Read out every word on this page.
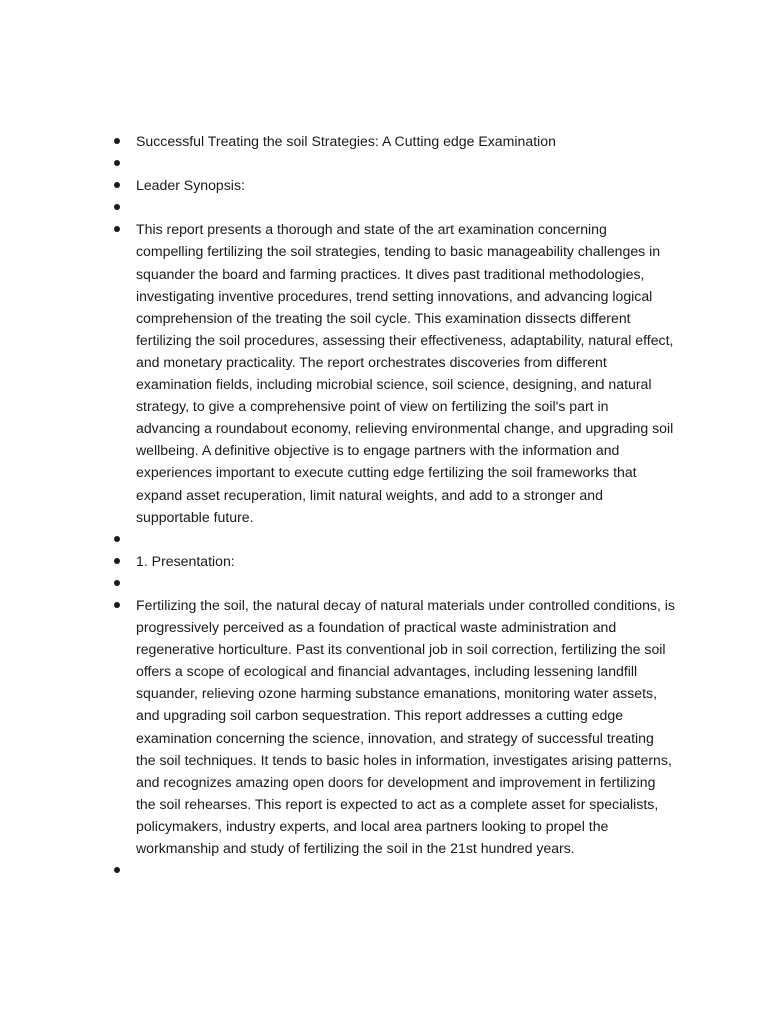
Successful Treating the soil Strategies: A Cutting edge Examination
Leader Synopsis:
This report presents a thorough and state of the art examination concerning compelling fertilizing the soil strategies, tending to basic manageability challenges in squander the board and farming practices. It dives past traditional methodologies, investigating inventive procedures, trend setting innovations, and advancing logical comprehension of the treating the soil cycle. This examination dissects different fertilizing the soil procedures, assessing their effectiveness, adaptability, natural effect, and monetary practicality. The report orchestrates discoveries from different examination fields, including microbial science, soil science, designing, and natural strategy, to give a comprehensive point of view on fertilizing the soil's part in advancing a roundabout economy, relieving environmental change, and upgrading soil wellbeing. A definitive objective is to engage partners with the information and experiences important to execute cutting edge fertilizing the soil frameworks that expand asset recuperation, limit natural weights, and add to a stronger and supportable future.
1. Presentation:
Fertilizing the soil, the natural decay of natural materials under controlled conditions, is progressively perceived as a foundation of practical waste administration and regenerative horticulture. Past its conventional job in soil correction, fertilizing the soil offers a scope of ecological and financial advantages, including lessening landfill squander, relieving ozone harming substance emanations, monitoring water assets, and upgrading soil carbon sequestration. This report addresses a cutting edge examination concerning the science, innovation, and strategy of successful treating the soil techniques. It tends to basic holes in information, investigates arising patterns, and recognizes amazing open doors for development and improvement in fertilizing the soil rehearses. This report is expected to act as a complete asset for specialists, policymakers, industry experts, and local area partners looking to propel the workmanship and study of fertilizing the soil in the 21st hundred years.
